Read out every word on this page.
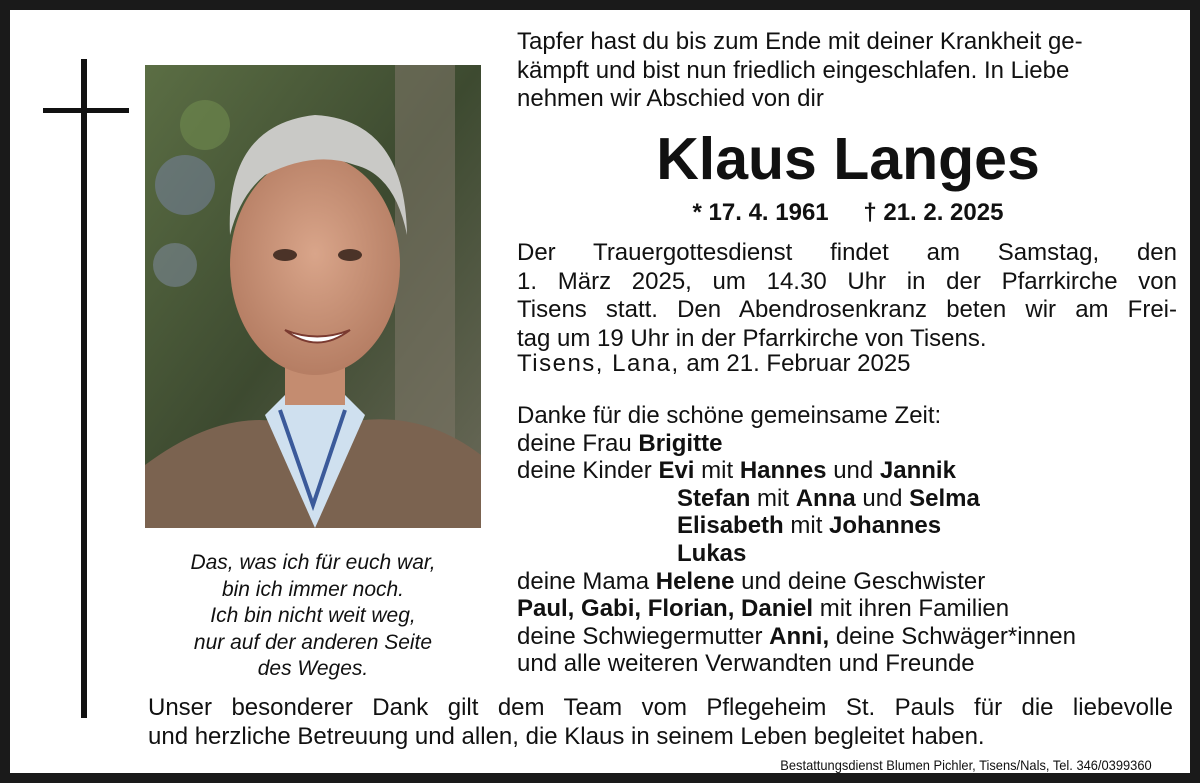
Das, was ich für euch war,
bin ich immer noch.
Ich bin nicht weit weg,
nur auf der anderen Seite
des Weges.
Tapfer hast du bis zum Ende mit deiner Krankheit ge-
kämpft und bist nun friedlich eingeschlafen. In Liebe
nehmen wir Abschied von dir
Klaus Langes
* 17. 4. 1961 † 21. 2. 2025
Der Trauergottesdienst findet am Samstag, den
1. März 2025, um 14.30 Uhr in der Pfarrkirche von
Tisens statt. Den Abendrosenkranz beten wir am Frei-
tag um 19 Uhr in der Pfarrkirche von Tisens.
Tisens, Lana, am 21. Februar 2025
Danke für die schöne gemeinsame Zeit:
deine Frau Brigitte
deine Kinder Evi mit Hannes und Jannik
Stefan mit Anna und Selma
Elisabeth mit Johannes
Lukas
deine Mama Helene und deine Geschwister
Paul, Gabi, Florian, Daniel mit ihren Familien
deine Schwiegermutter Anni, deine Schwäger*innen
und alle weiteren Verwandten und Freunde
Unser besonderer Dank gilt dem Team vom Pflegeheim St. Pauls für die liebevolle
und herzliche Betreuung und allen, die Klaus in seinem Leben begleitet haben.
Bestattungsdienst Blumen Pichler, Tisens/Nals, Tel. 346/0399360
